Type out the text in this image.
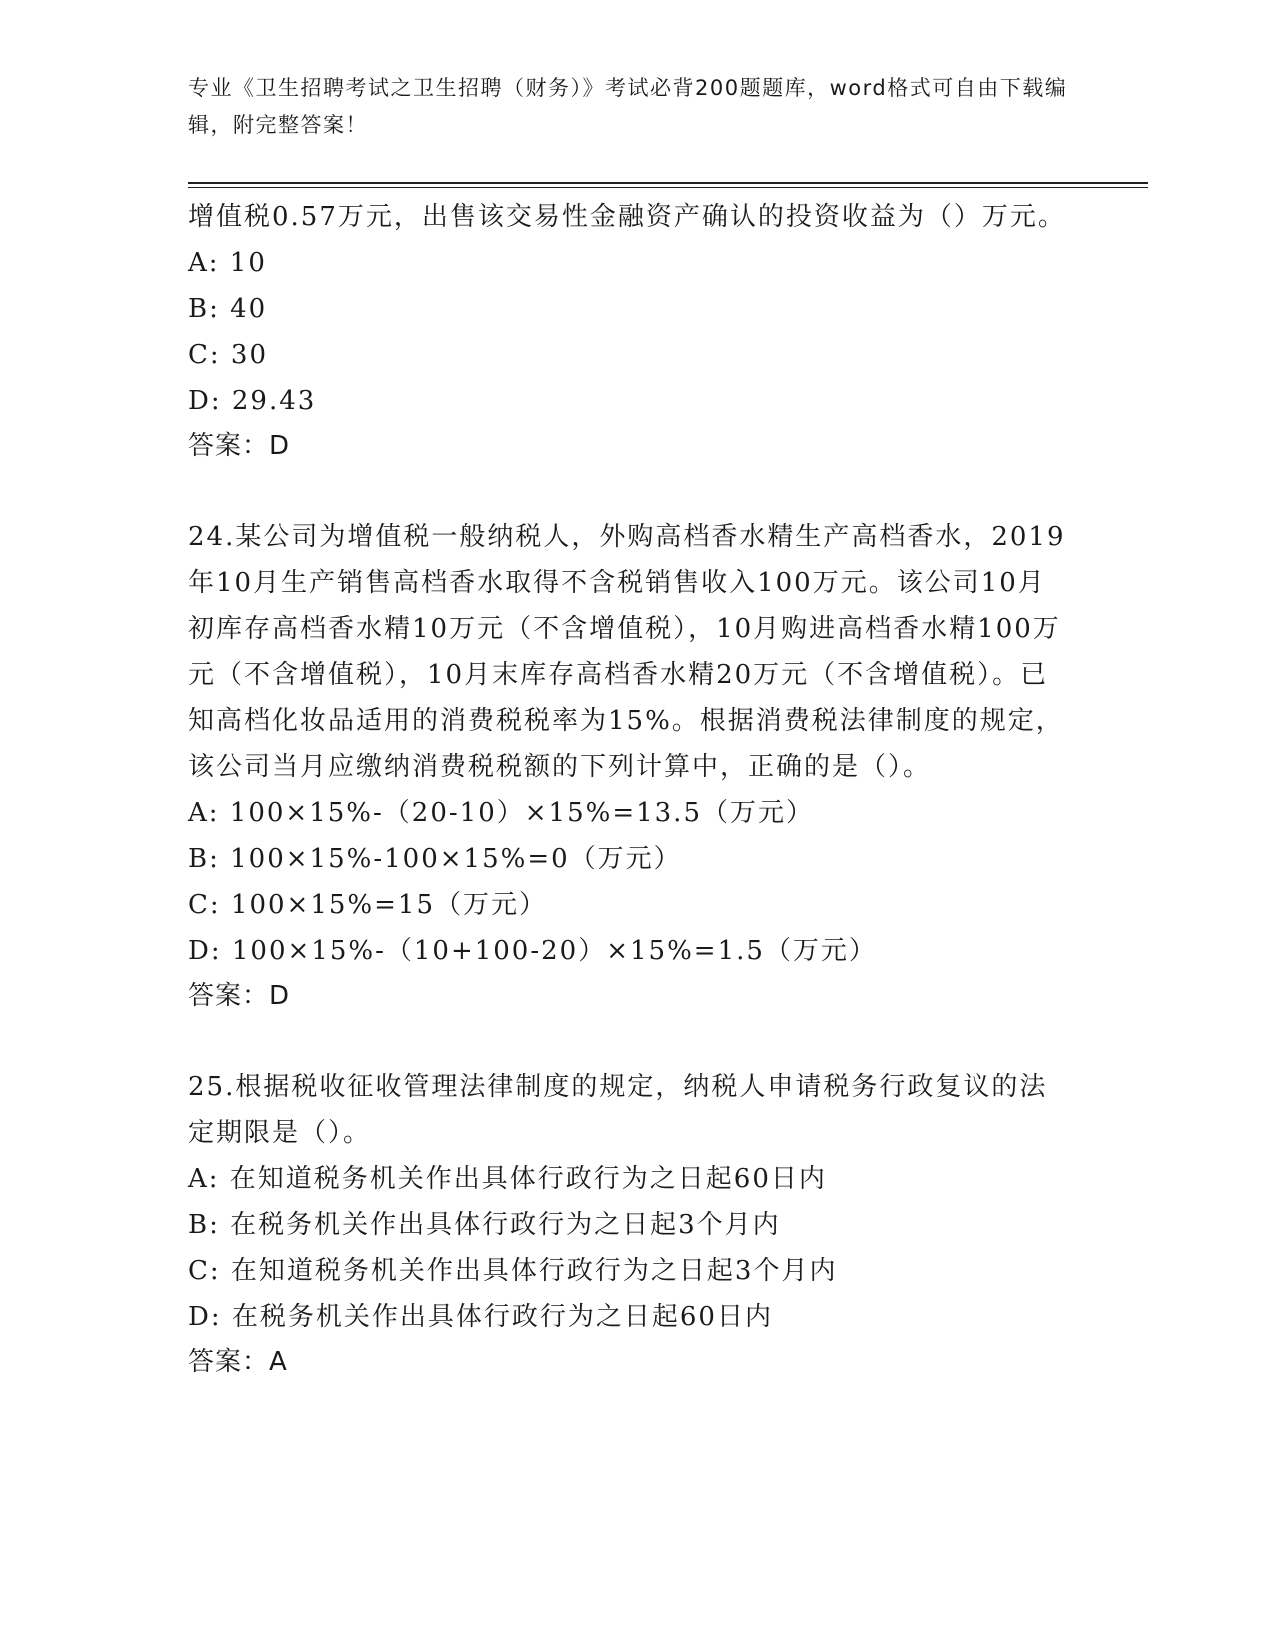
专业《卫生招聘考试之卫生招聘（财务）》考试必背200题题库，word格式可自由下载编辑，附完整答案！

增值税0.57万元，出售该交易性金融资产确认的投资收益为（）万元。

A: 10

B: 40

C: 30

D: 29.43

答案：D

24.某公司为增值税一般纳税人，外购高档香水精生产高档香水，2019年10月生产销售高档香水取得不含税销售收入100万元。该公司10月初库存高档香水精10万元（不含增值税），10月购进高档香水精100万元（不含增值税），10月末库存高档香水精20万元（不含增值税）。已知高档化妆品适用的消费税税率为15%。根据消费税法律制度的规定，该公司当月应缴纳消费税税额的下列计算中，正确的是（）。

A: 100×15%-（20-10）×15%=13.5（万元）

B: 100×15%-100×15%=0（万元）

C: 100×15%=15（万元）

D: 100×15%-（10+100-20）×15%=1.5（万元）

答案：D

25.根据税收征收管理法律制度的规定，纳税人申请税务行政复议的法定期限是（）。

A: 在知道税务机关作出具体行政行为之日起60日内

B: 在税务机关作出具体行政行为之日起3个月内

C: 在知道税务机关作出具体行政行为之日起3个月内

D: 在税务机关作出具体行政行为之日起60日内

答案：A
